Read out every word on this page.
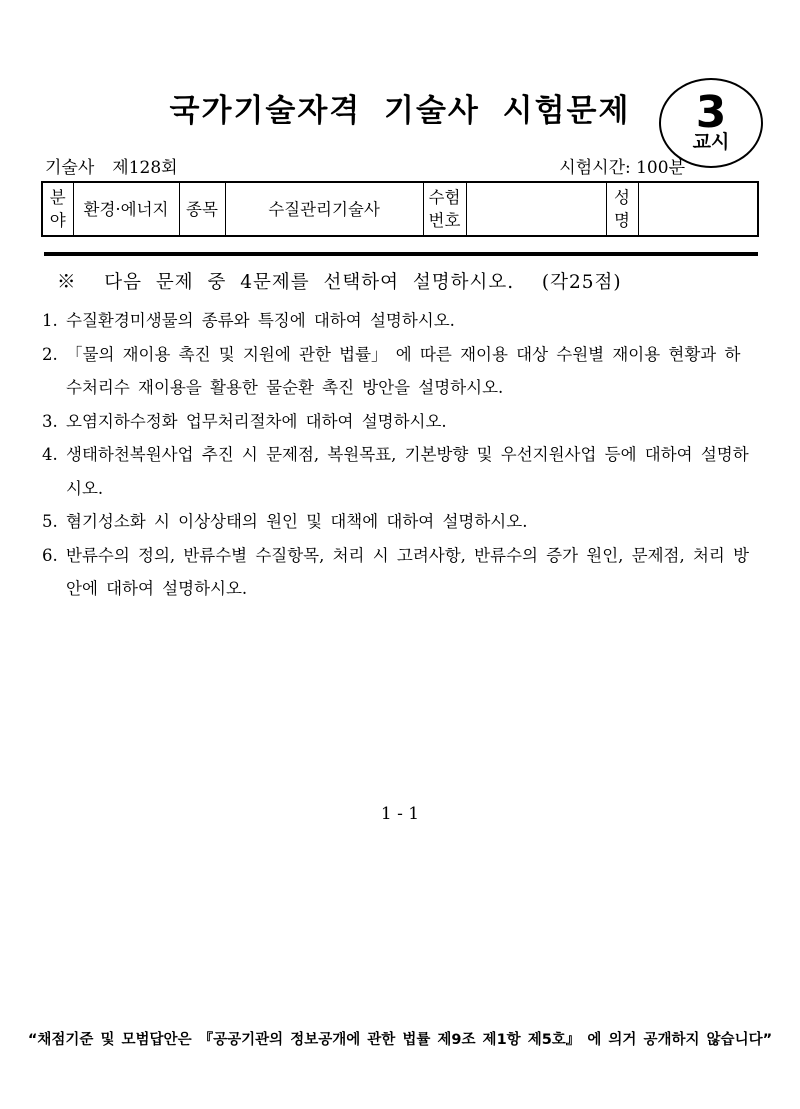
국가기술자격 기술사 시험문제	3
교시
기술사 제128회	시험시간: 100분
분야	환경·에너지	종목	수질관리기술사	수험번호		성명	
※  다음 문제 중 4문제를 선택하여 설명하시오.  (각25점)
1. 수질환경미생물의 종류와 특징에 대하여 설명하시오.
2. 「물의 재이용 촉진 및 지원에 관한 법률」 에 따른 재이용 대상 수원별 재이용 현황과 하수처리수 재이용을 활용한 물순환 촉진 방안을 설명하시오.
3. 오염지하수정화 업무처리절차에 대하여 설명하시오.
4. 생태하천복원사업 추진 시 문제점, 복원목표, 기본방향 및 우선지원사업 등에 대하여 설명하시오.
5. 혐기성소화 시 이상상태의 원인 및 대책에 대하여 설명하시오.
6. 반류수의 정의, 반류수별 수질항목, 처리 시 고려사항, 반류수의 증가 원인, 문제점, 처리 방안에 대하여 설명하시오.
1 - 1
“채점기준 및 모범답안은 『공공기관의 정보공개에 관한 법률 제9조 제1항 제5호』 에 의거 공개하지 않습니다”
